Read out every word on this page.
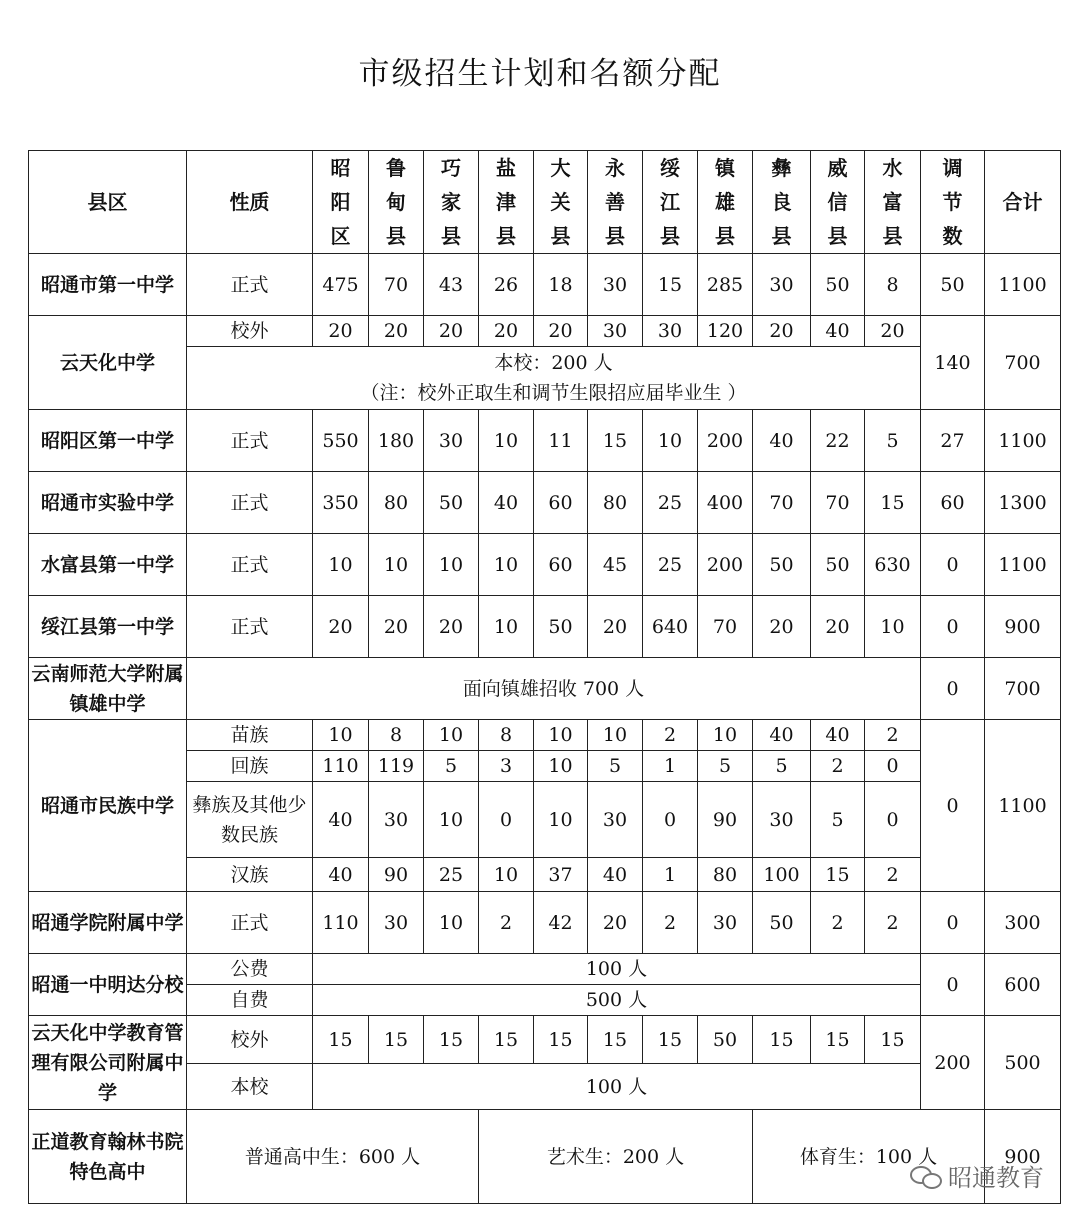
市级招生计划和名额分配
县区	性质	昭
阳
区	鲁
甸
县	巧
家
县	盐
津
县	大
关
县	永
善
县	绥
江
县	镇
雄
县	彝
良
县	威
信
县	水
富
县	调
节
数	合计
昭通市第一中学	正式	475	70	43	26	18	30	15	285	30	50	8	50	1100
云天化中学	校外	20	20	20	20	20	30	30	120	20	40	20	140	700

	本校：200 人
（注：校外正取生和调节生限招应届毕业生 ）													

昭阳区第一中学	正式	550	180	30	10	11	15	10	200	40	22	5	27	1100
昭通市实验中学	正式	350	80	50	40	60	80	25	400	70	70	15	60	1300
水富县第一中学	正式	10	10	10	10	60	45	25	200	50	50	630	0	1100
绥江县第一中学	正式	20	20	20	10	50	20	640	70	20	20	10	0	900
云南师范大学附属镇雄中学	面向镇雄招收 700 人												0	700
昭通市民族中学	苗族	10	8	10	8	10	10	2	10	40	40	2	0	1100
	回族	110	119	5	3	10	5	1	5	5	2	0		
	彝族及其他少数民族	40	30	10	0	10	30	0	90	30	5	0		
	汉族	40	90	25	10	37	40	1	80	100	15	2		
昭通学院附属中学	正式	110	30	10	2	42	20	2	30	50	2	2	0	300
昭通一中明达分校	公费	100 人											0	600
	自费	500 人												
云天化中学教育管理有限公司附属中学	校外	15	15	15	15	15	15	15	50	15	15	15	200	500
	本校	100 人												
正道教育翰林书院特色高中	普通高中生：600 人				艺术生：200 人					体育生：100 人				900
昭通教育
